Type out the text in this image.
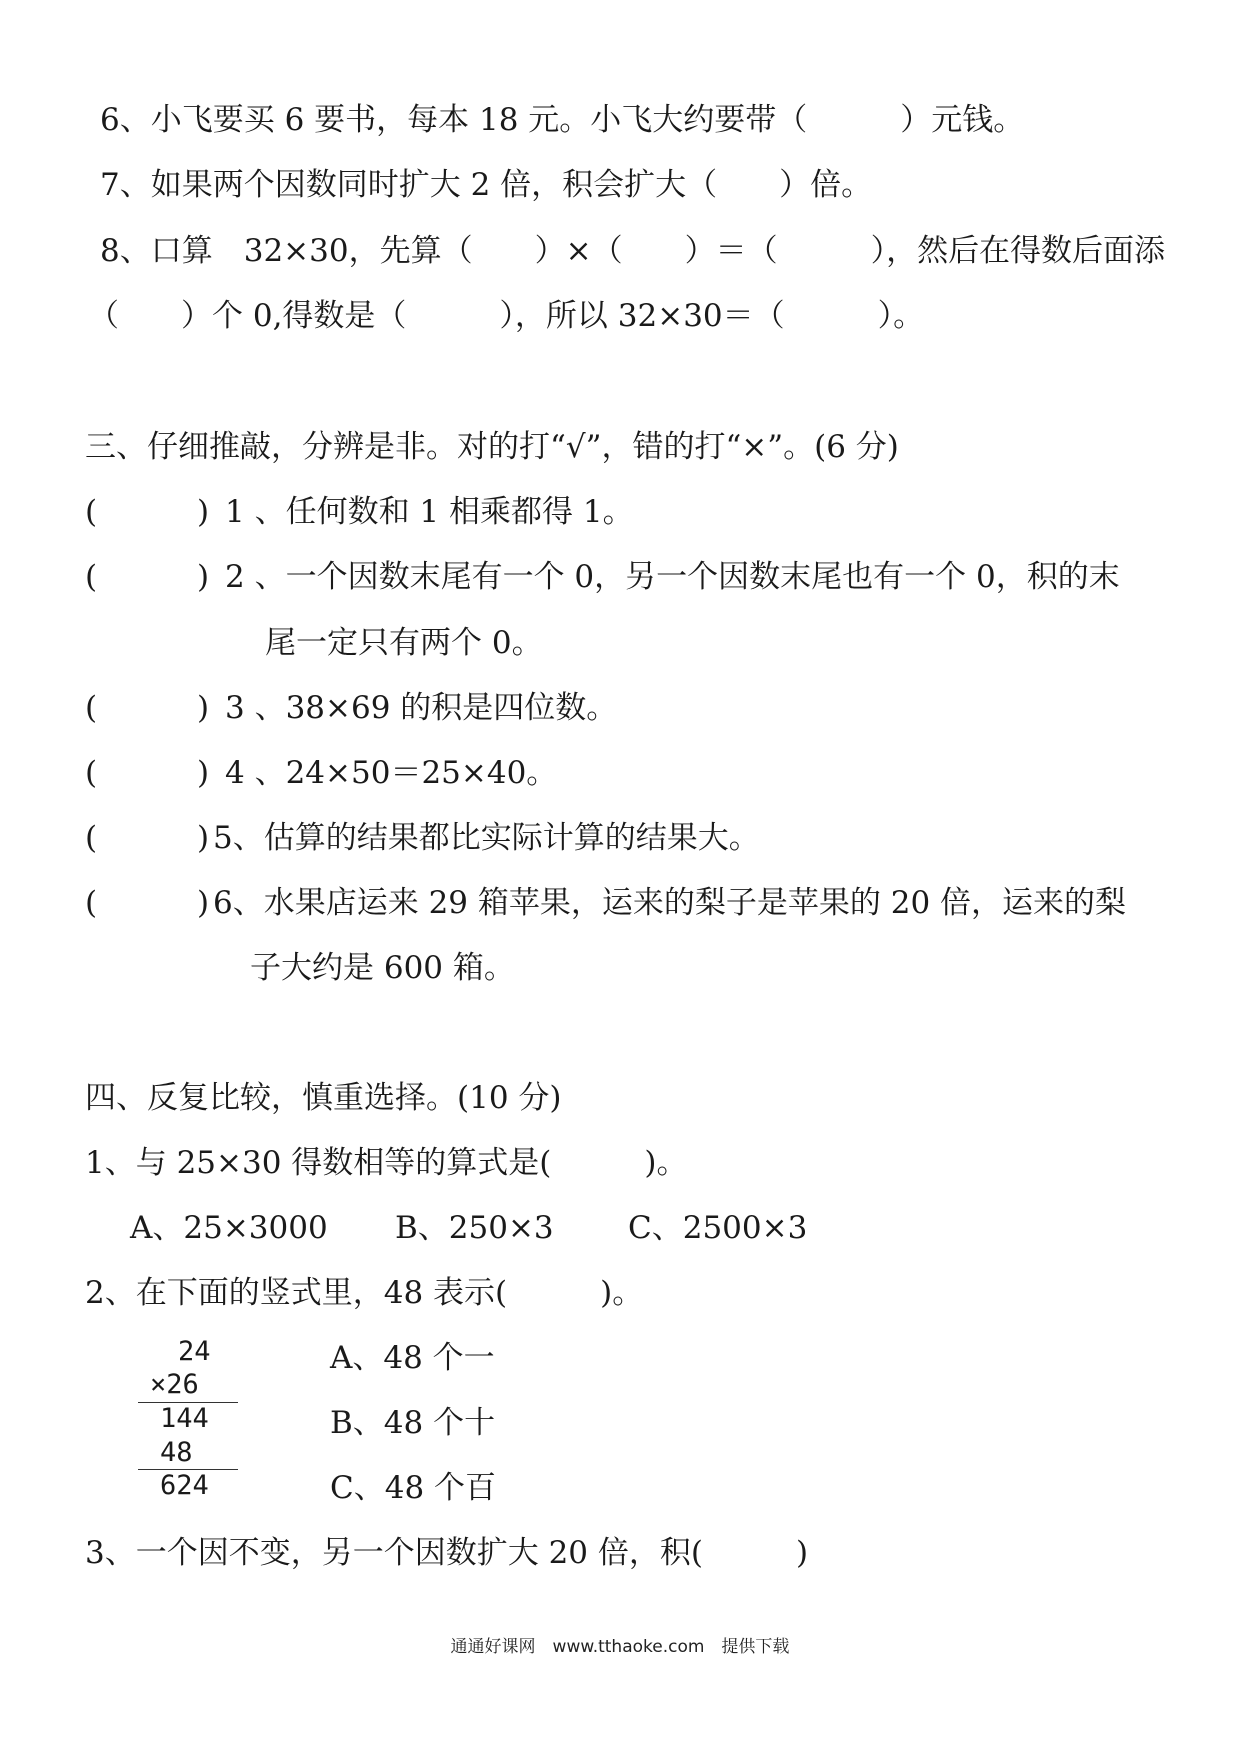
6、小飞要买 6 要书，每本 18 元。小飞大约要带（　　　）元钱。
7、如果两个因数同时扩大 2 倍，积会扩大（　　）倍。
8、口算　32×30，先算（　　）×（　　）＝（　　　），然后在得数后面添
（　　）个 0,得数是（　　　），所以 32×30＝（　　　）。
三、仔细推敲，分辨是非。对的打“√”，错的打“×”。(6 分)
(	) 1 、任何数和 1 相乘都得 1。
(	) 2 、一个因数末尾有一个 0，另一个因数末尾也有一个 0，积的末
尾一定只有两个 0。
(	) 3 、38×69 的积是四位数。
(	) 4 、24×50＝25×40。
(	) 5、估算的结果都比实际计算的结果大。
(	) 6、水果店运来 29 箱苹果，运来的梨子是苹果的 20 倍，运来的梨
子大约是 600 箱。
四、反复比较，慎重选择。(10 分)
1、与 25×30 得数相等的算式是(　　　)。
A、25×3000 B、250×3 C、2500×3
2、在下面的竖式里，48 表示(　　　)。
24
×26
144
48
624
A、48 个一
B、48 个十
C、48 个百
3、一个因不变，另一个因数扩大 20 倍，积(　　　)
通通好课网　www.tthaoke.com　提供下载
